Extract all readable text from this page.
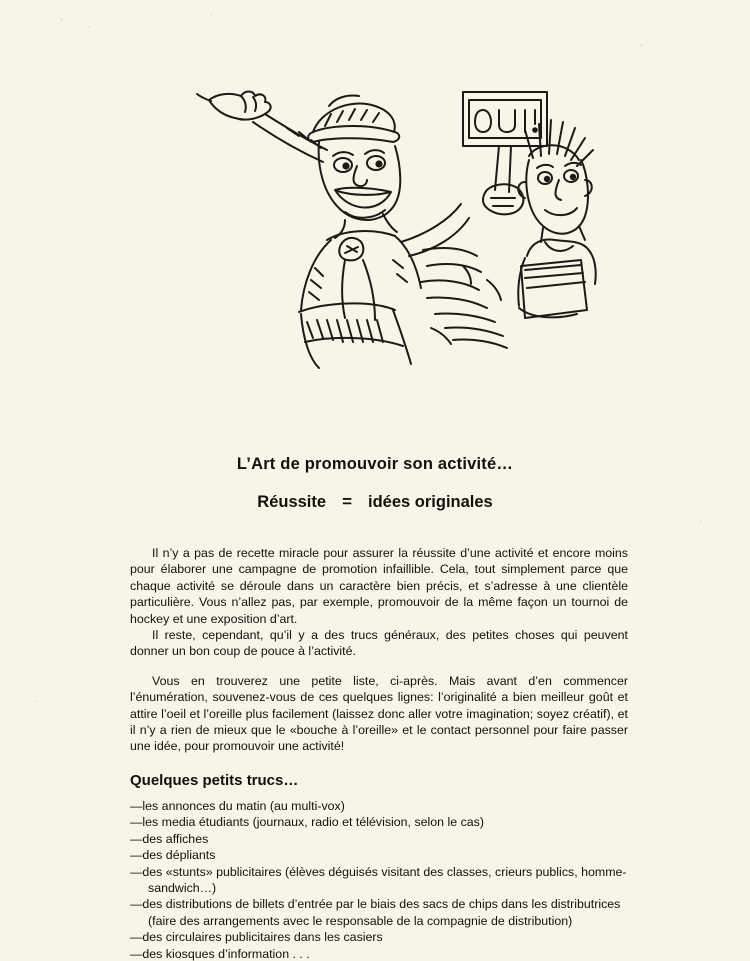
L’Art de promouvoir son activité…
Réussite = idées originales

Il n’y a pas de recette miracle pour assurer la réussite d’une activité et encore moins pour élaborer une campagne de promotion infaillible. Cela, tout simplement parce que chaque activité se déroule dans un caractère bien précis, et s’adresse à une clientèle particulière. Vous n’allez pas, par exemple, promouvoir de la même façon un tournoi de hockey et une exposition d’art.

Il reste, cependant, qu’il y a des trucs généraux, des petites choses qui peuvent donner un bon coup de pouce à l’activité.

Vous en trouverez une petite liste, ci-après. Mais avant d’en commencer l’énumération, souvenez-vous de ces quelques lignes: l’originalité a bien meilleur goût et attire l’oeil et l’oreille plus facilement (laissez donc aller votre imagination; soyez créatif), et il n’y a rien de mieux que le «bouche à l’oreille» et le contact personnel pour faire passer une idée, pour promouvoir une activité!

Quelques petits trucs…

—les annonces du matin (au multi-vox)

—les media étudiants (journaux, radio et télévision, selon le cas)

—des affiches

—des dépliants

—des «stunts» publicitaires (élèves déguisés visitant des classes, crieurs publics, homme-sandwich…)

—des distributions de billets d’entrée par le biais des sacs de chips dans les distributrices (faire des arrangements avec le responsable de la compagnie de distribution)

—des circulaires publicitaires dans les casiers

—des kiosques d’information . . .
